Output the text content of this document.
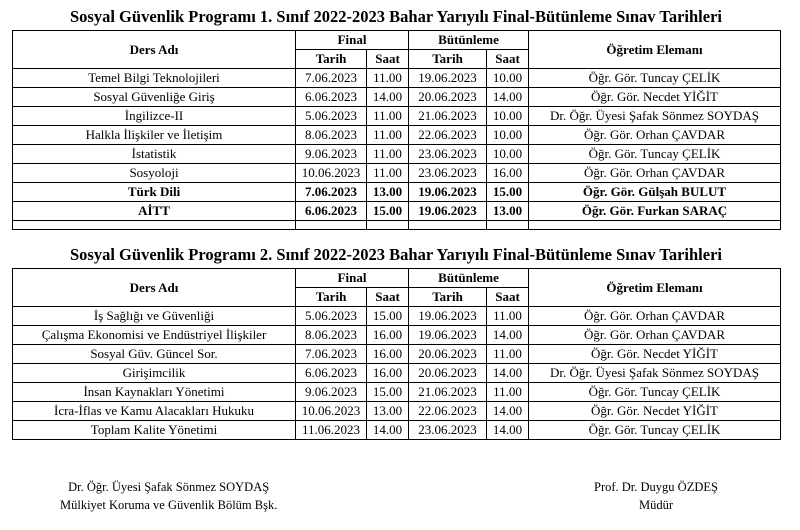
Sosyal Güvenlik Programı 1. Sınıf 2022-2023 Bahar Yarıyılı Final-Bütünleme Sınav Tarihleri
Ders Adı	Final		Bütünleme		Öğretim Elemanı
	Tarih	Saat	Tarih	Saat	
Temel Bilgi Teknolojileri	7.06.2023	11.00	19.06.2023	10.00	Öğr. Gör. Tuncay ÇELİK
Sosyal Güvenliğe Giriş	6.06.2023	14.00	20.06.2023	14.00	Öğr. Gör. Necdet YİĞİT
İngilizce-II	5.06.2023	11.00	21.06.2023	10.00	Dr. Öğr. Üyesi Şafak Sönmez SOYDAŞ
Halkla İlişkiler ve İletişim	8.06.2023	11.00	22.06.2023	10.00	Öğr. Gör. Orhan ÇAVDAR
İstatistik	9.06.2023	11.00	23.06.2023	10.00	Öğr. Gör. Tuncay ÇELİK
Sosyoloji	10.06.2023	11.00	23.06.2023	16.00	Öğr. Gör. Orhan ÇAVDAR
Türk Dili	7.06.2023	13.00	19.06.2023	15.00	Öğr. Gör. Gülşah BULUT
AİTT	6.06.2023	15.00	19.06.2023	13.00	Öğr. Gör. Furkan SARAÇ

Sosyal Güvenlik Programı 2. Sınıf 2022-2023 Bahar Yarıyılı Final-Bütünleme Sınav Tarihleri
Ders Adı	Final		Bütünleme		Öğretim Elemanı
	Tarih	Saat	Tarih	Saat	
İş Sağlığı ve Güvenliği	5.06.2023	15.00	19.06.2023	11.00	Öğr. Gör. Orhan ÇAVDAR
Çalışma Ekonomisi ve Endüstriyel İlişkiler	8.06.2023	16.00	19.06.2023	14.00	Öğr. Gör. Orhan ÇAVDAR
Sosyal Güv. Güncel Sor.	7.06.2023	16.00	20.06.2023	11.00	Öğr. Gör. Necdet YİĞİT
Girişimcilik	6.06.2023	16.00	20.06.2023	14.00	Dr. Öğr. Üyesi Şafak Sönmez SOYDAŞ
İnsan Kaynakları Yönetimi	9.06.2023	15.00	21.06.2023	11.00	Öğr. Gör. Tuncay ÇELİK
İcra-İflas ve Kamu Alacakları Hukuku	10.06.2023	13.00	22.06.2023	14.00	Öğr. Gör. Necdet YİĞİT
Toplam Kalite Yönetimi	11.06.2023	14.00	23.06.2023	14.00	Öğr. Gör. Tuncay ÇELİK
Dr. Öğr. Üyesi Şafak Sönmez SOYDAŞ
Mülkiyet Koruma ve Güvenlik Bölüm Bşk.
Prof. Dr. Duygu ÖZDEŞ
Müdür
